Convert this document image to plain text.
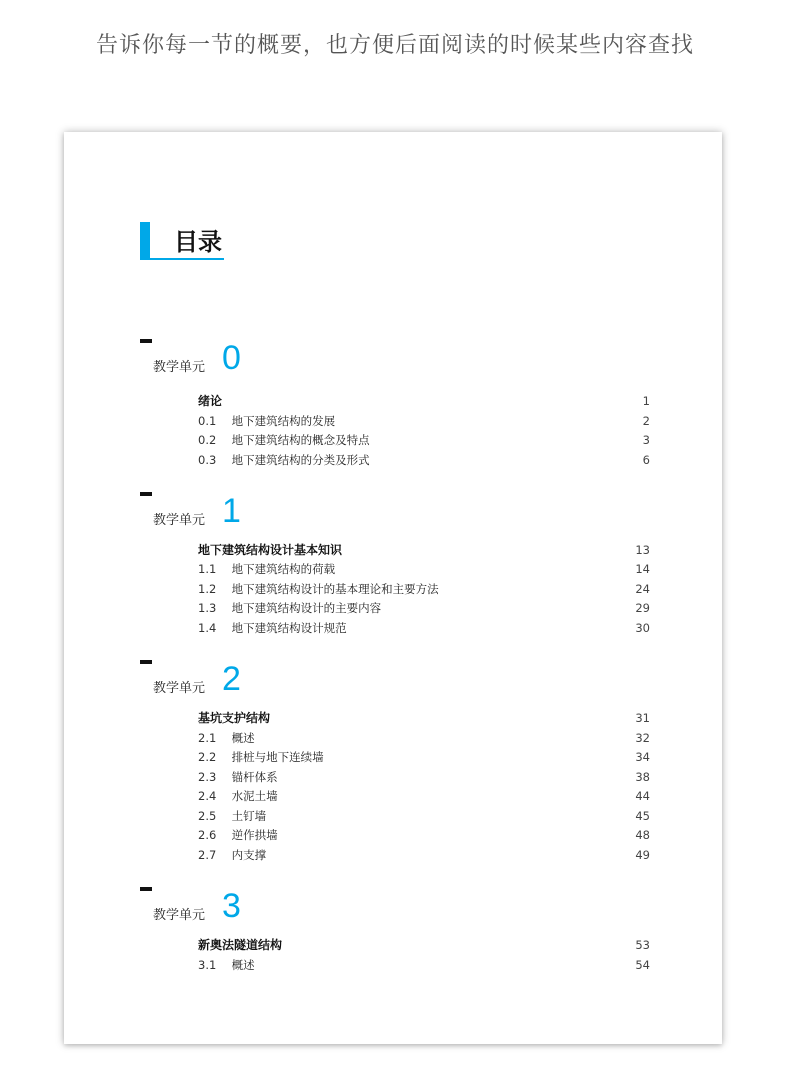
告诉你每一节的概要，也方便后面阅读的时候某些内容查找
目录
教学单元 0
绪论	1
0.1 地下建筑结构的发展	2
0.2 地下建筑结构的概念及特点	3
0.3 地下建筑结构的分类及形式	6
教学单元 1
地下建筑结构设计基本知识	13
1.1 地下建筑结构的荷载	14
1.2 地下建筑结构设计的基本理论和主要方法	24
1.3 地下建筑结构设计的主要内容	29
1.4 地下建筑结构设计规范	30
教学单元 2
基坑支护结构	31
2.1 概述	32
2.2 排桩与地下连续墙	34
2.3 锚杆体系	38
2.4 水泥土墙	44
2.5 土钉墙	45
2.6 逆作拱墙	48
2.7 内支撑	49
教学单元 3
新奥法隧道结构	53
3.1 概述	54
